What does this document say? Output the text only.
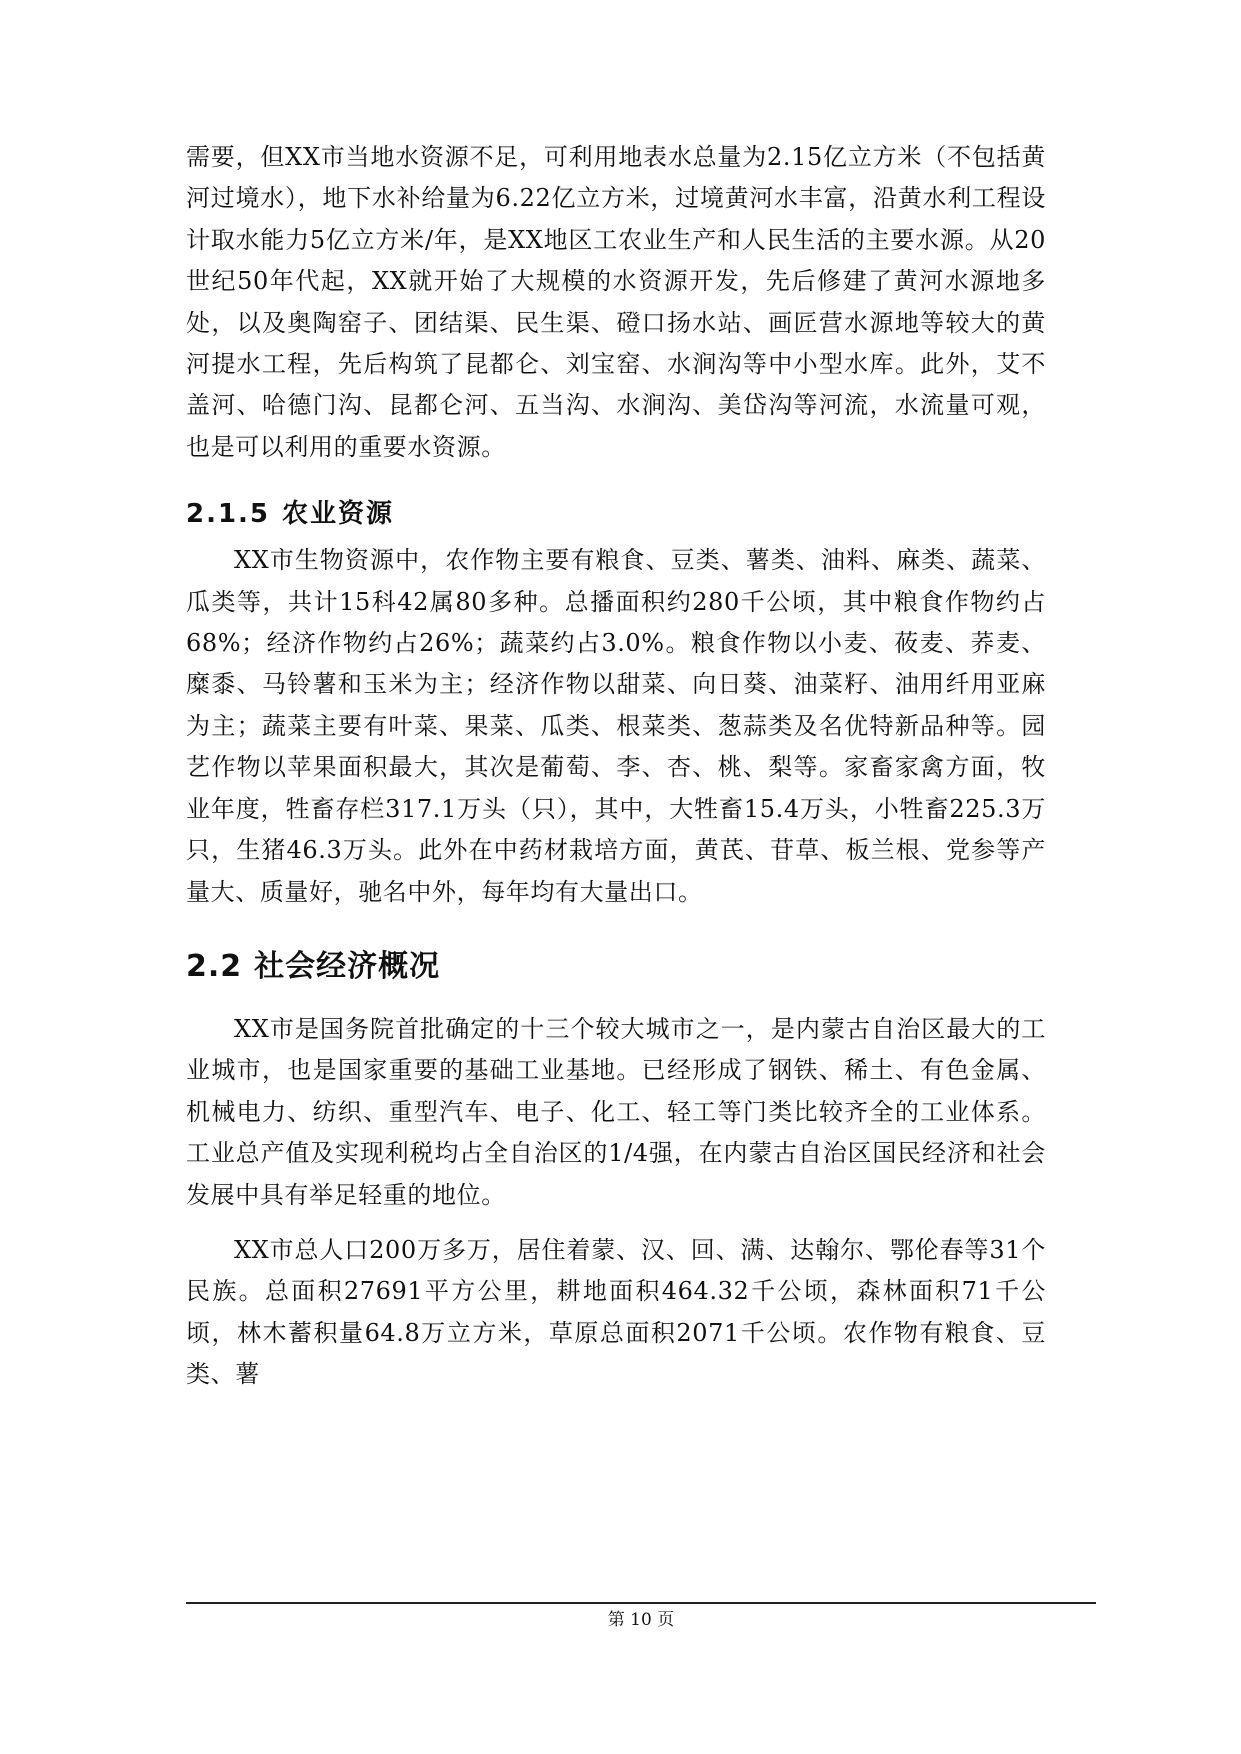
需要，但XX市当地水资源不足，可利用地表水总量为2.15亿立方米（不包括黄河过境水），地下水补给量为6.22亿立方米，过境黄河水丰富，沿黄水利工程设计取水能力5亿立方米/年，是XX地区工农业生产和人民生活的主要水源。从20世纪50年代起，XX就开始了大规模的水资源开发，先后修建了黄河水源地多处，以及奥陶窑子、团结渠、民生渠、磴口扬水站、画匠营水源地等较大的黄河提水工程，先后构筑了昆都仑、刘宝窑、水涧沟等中小型水库。此外，艾不盖河、哈德门沟、昆都仑河、五当沟、水涧沟、美岱沟等河流，水流量可观，也是可以利用的重要水资源。

2.1.5 农业资源

XX市生物资源中，农作物主要有粮食、豆类、薯类、油料、麻类、蔬菜、瓜类等，共计15科42属80多种。总播面积约280千公顷，其中粮食作物约占68%；经济作物约占26%；蔬菜约占3.0%。粮食作物以小麦、莜麦、荞麦、糜黍、马铃薯和玉米为主；经济作物以甜菜、向日葵、油菜籽、油用纤用亚麻为主；蔬菜主要有叶菜、果菜、瓜类、根菜类、葱蒜类及名优特新品种等。园艺作物以苹果面积最大，其次是葡萄、李、杏、桃、梨等。家畜家禽方面，牧业年度，牲畜存栏317.1万头（只），其中，大牲畜15.4万头，小牲畜225.3万只，生猪46.3万头。此外在中药材栽培方面，黄芪、苷草、板兰根、党参等产量大、质量好，驰名中外，每年均有大量出口。

2.2 社会经济概况

XX市是国务院首批确定的十三个较大城市之一，是内蒙古自治区最大的工业城市，也是国家重要的基础工业基地。已经形成了钢铁、稀土、有色金属、机械电力、纺织、重型汽车、电子、化工、轻工等门类比较齐全的工业体系。工业总产值及实现利税均占全自治区的1/4强，在内蒙古自治区国民经济和社会发展中具有举足轻重的地位。

XX市总人口200万多万，居住着蒙、汉、回、满、达翰尔、鄂伦春等31个民族。总面积27691平方公里，耕地面积464.32千公顷，森林面积71千公顷，林木蓄积量64.8万立方米，草原总面积2071千公顷。农作物有粮食、豆类、薯

第 10 页
